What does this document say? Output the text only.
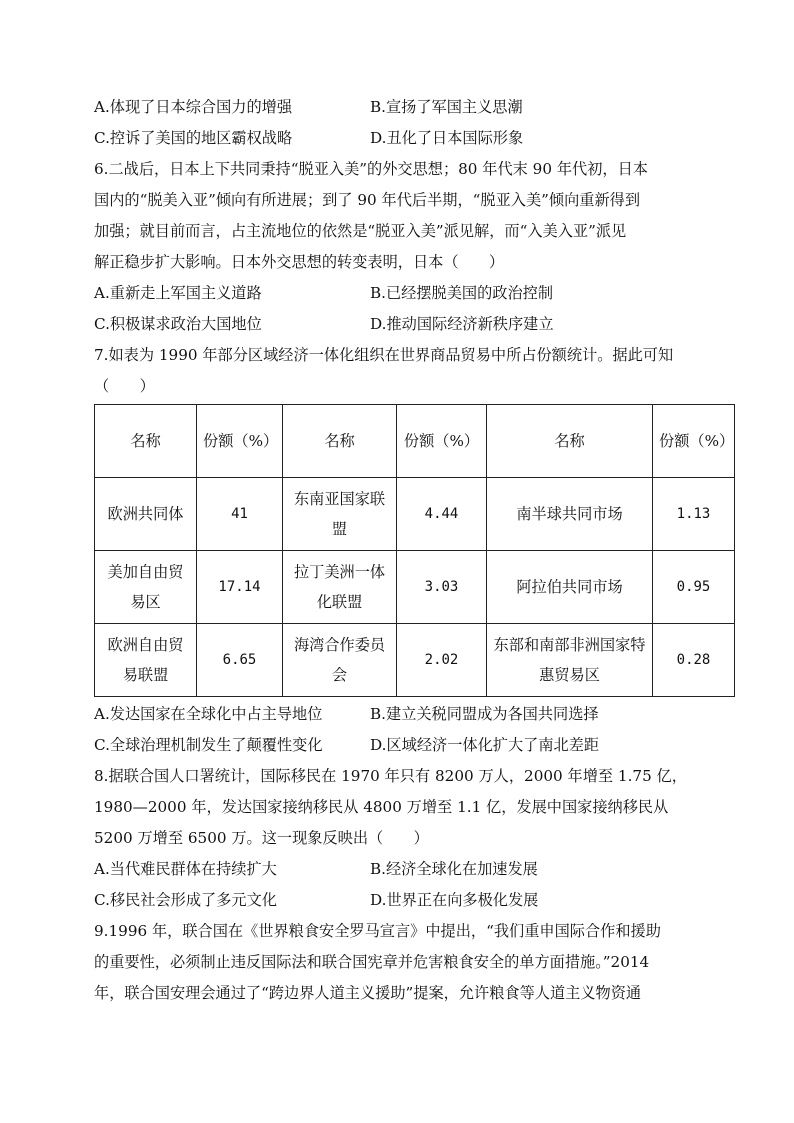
A.体现了日本综合国力的增强	B.宣扬了军国主义思潮
C.控诉了美国的地区霸权战略	D.丑化了日本国际形象
6.二战后，日本上下共同秉持“脱亚入美”的外交思想；80 年代末 90 年代初，日本
国内的“脱美入亚”倾向有所进展；到了 90 年代后半期，“脱亚入美”倾向重新得到
加强；就目前而言，占主流地位的依然是“脱亚入美”派见解，而“入美入亚”派见
解正稳步扩大影响。日本外交思想的转变表明，日本（　　）
A.重新走上军国主义道路	B.已经摆脱美国的政治控制
C.积极谋求政治大国地位	D.推动国际经济新秩序建立
7.如表为 1990 年部分区域经济一体化组织在世界商品贸易中所占份额统计。据此可知
（　　）
名称	份额（%）	名称	份额（%）	名称	份额（%）
欧洲共同体	41	东南亚国家联盟	4.44	南半球共同市场	1.13
美加自由贸易区	17.14	拉丁美洲一体化联盟	3.03	阿拉伯共同市场	0.95
欧洲自由贸易联盟	6.65	海湾合作委员会	2.02	东部和南部非洲国家特惠贸易区	0.28
A.发达国家在全球化中占主导地位	B.建立关税同盟成为各国共同选择
C.全球治理机制发生了颠覆性变化	D.区域经济一体化扩大了南北差距
8.据联合国人口署统计，国际移民在 1970 年只有 8200 万人，2000 年增至 1.75 亿，
1980—2000 年，发达国家接纳移民从 4800 万增至 1.1 亿，发展中国家接纳移民从
5200 万增至 6500 万。这一现象反映出（　　）
A.当代难民群体在持续扩大	B.经济全球化在加速发展
C.移民社会形成了多元文化	D.世界正在向多极化发展
9.1996 年，联合国在《世界粮食安全罗马宣言》中提出，“我们重申国际合作和援助
的重要性，必须制止违反国际法和联合国宪章并危害粮食安全的单方面措施。”2014
年，联合国安理会通过了“跨边界人道主义援助”提案，允许粮食等人道主义物资通
